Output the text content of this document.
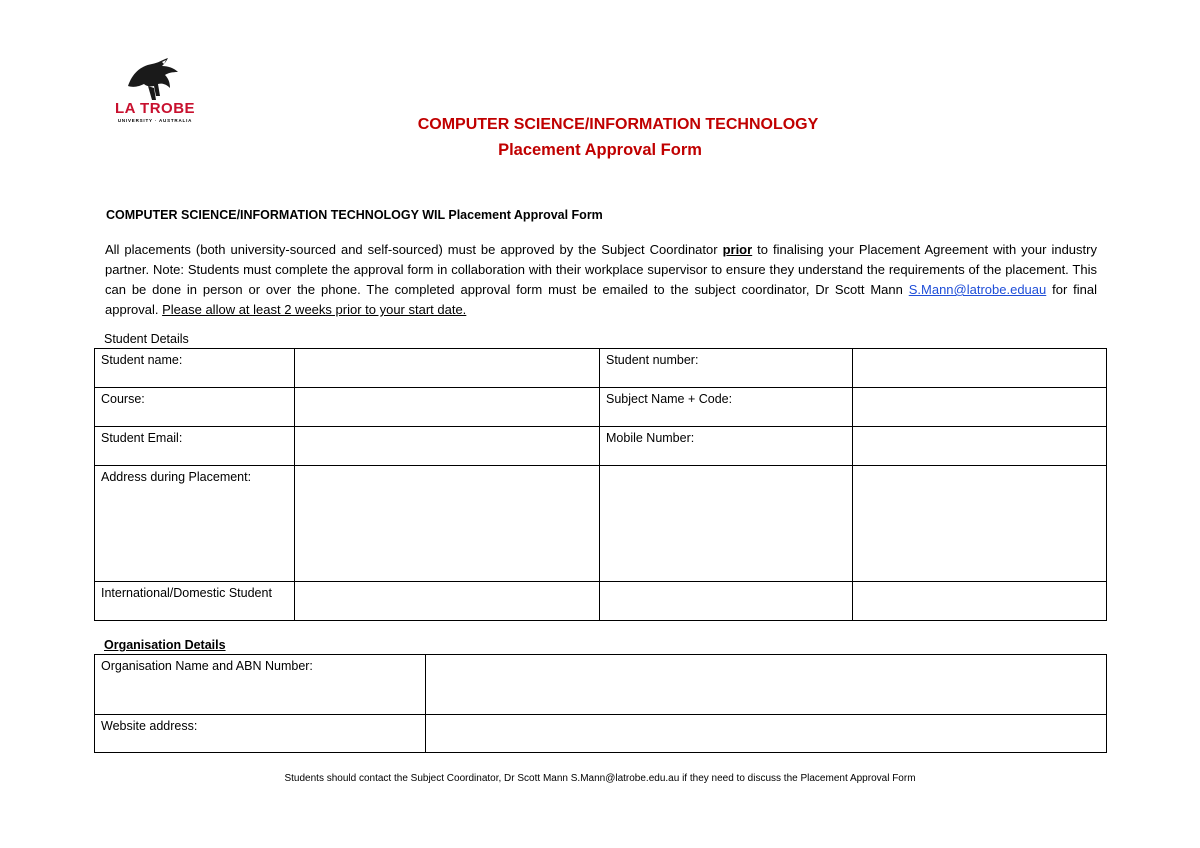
LA TROBE
UNIVERSITY · AUSTRALIA	COMPUTER SCIENCE/INFORMATION TECHNOLOGY
Placement Approval Form
COMPUTER SCIENCE/INFORMATION TECHNOLOGY WIL Placement Approval Form
All placements (both university-sourced and self-sourced) must be approved by the Subject Coordinator prior to finalising your Placement Agreement with your industry partner. Note: Students must complete the approval form in collaboration with their workplace supervisor to ensure they understand the requirements of the placement. This can be done in person or over the phone. The completed approval form must be emailed to the subject coordinator, Dr Scott Mann S.Mann@latrobe.eduau for final approval. Please allow at least 2 weeks prior to your start date.
Student Details
Student name:		Student number:	
Course:		Subject Name + Code:	
Student Email:		Mobile Number:	
Address during Placement:			
International/Domestic Student			
Organisation Details
Organisation Name and ABN Number:	
Website address:	
Students should contact the Subject Coordinator, Dr Scott Mann S.Mann@latrobe.edu.au if they need to discuss the Placement Approval Form
